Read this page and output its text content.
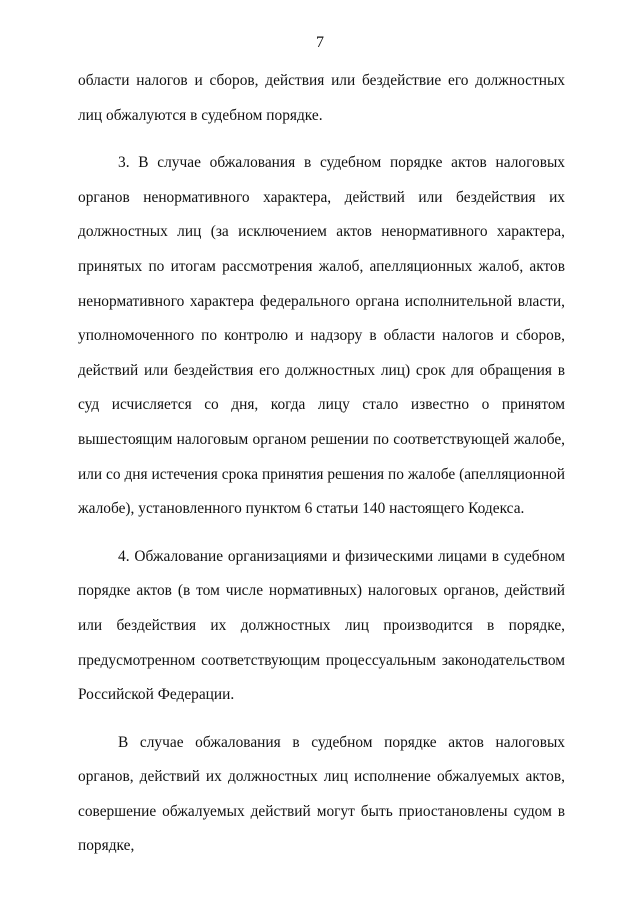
7

области налогов и сборов, действия или бездействие его должностных лиц обжалуются в судебном порядке.

3. В случае обжалования в судебном порядке актов налоговых органов ненормативного характера, действий или бездействия их должностных лиц (за исключением актов ненормативного характера, принятых по итогам рассмотрения жалоб, апелляционных жалоб, актов ненормативного характера федерального органа исполнительной власти, уполномоченного по контролю и надзору в области налогов и сборов, действий или бездействия его должностных лиц) срок для обращения в суд исчисляется со дня, когда лицу стало известно о принятом вышестоящим налоговым органом решении по соответствующей жалобе, или со дня истечения срока принятия решения по жалобе (апелляционной жалобе), установленного пунктом 6 статьи 140 настоящего Кодекса.

4. Обжалование организациями и физическими лицами в судебном порядке актов (в том числе нормативных) налоговых органов, действий или бездействия их должностных лиц производится в порядке, предусмотренном соответствующим процессуальным законодательством Российской Федерации.

В случае обжалования в судебном порядке актов налоговых органов, действий их должностных лиц исполнение обжалуемых актов, совершение обжалуемых действий могут быть приостановлены судом в порядке,
